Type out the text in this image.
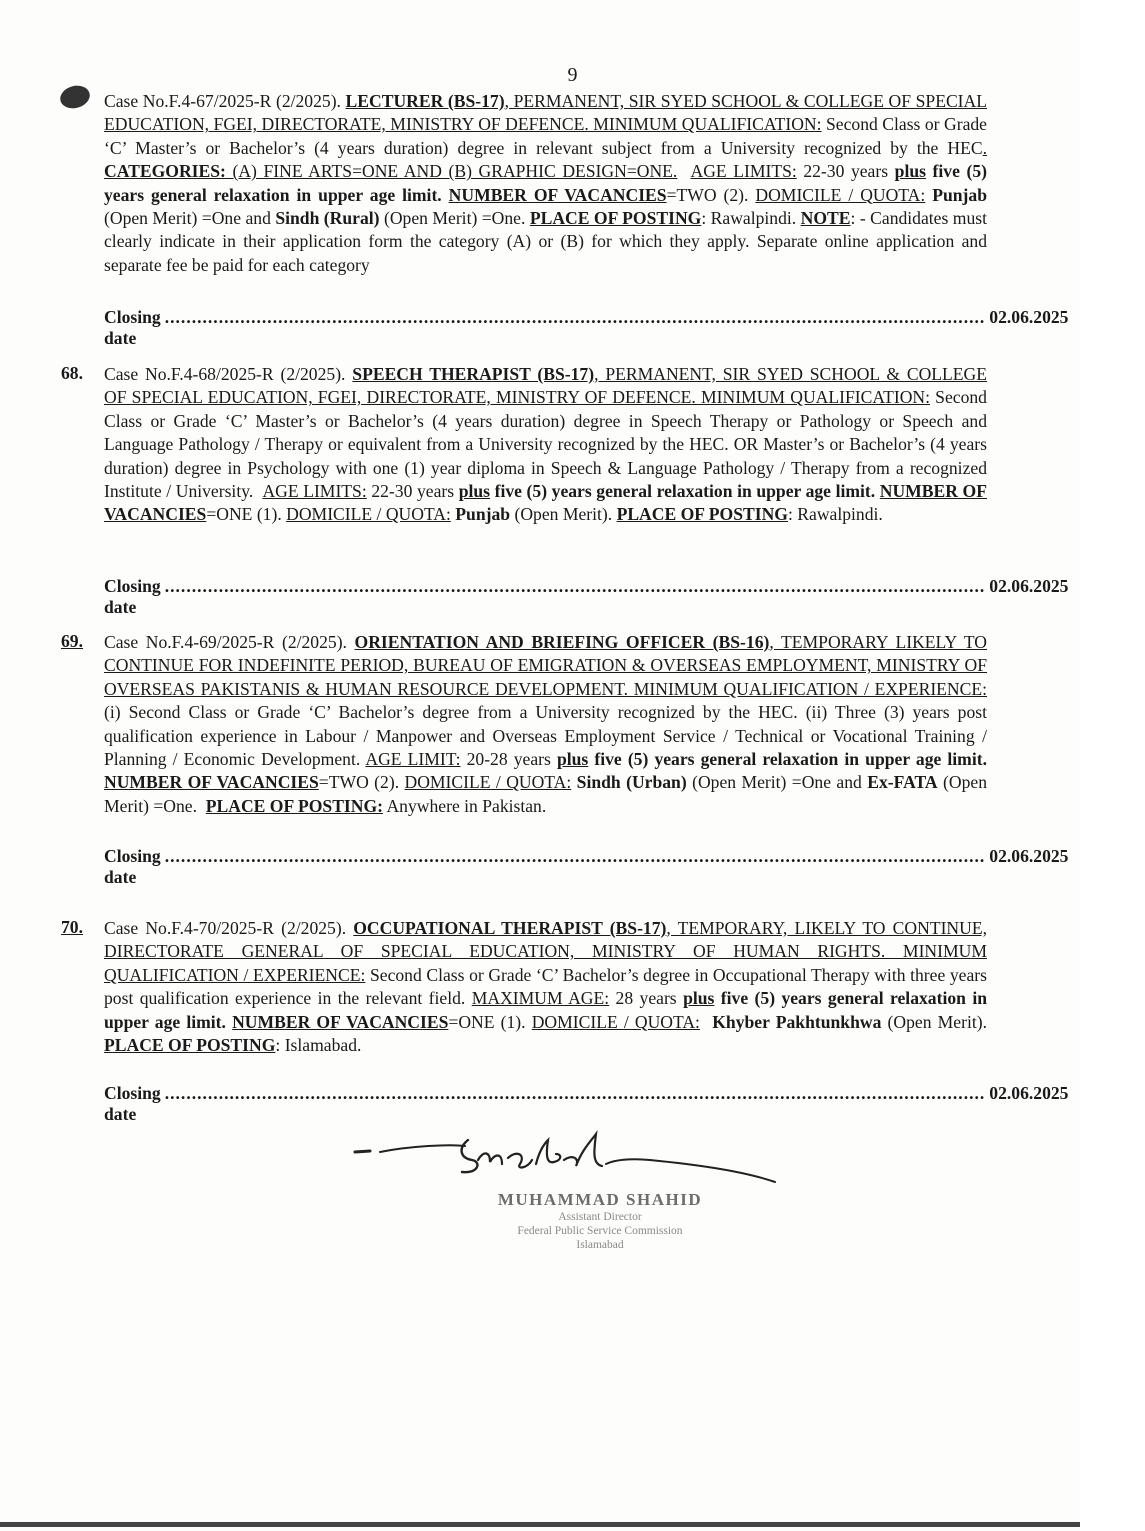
9
Case No.F.4-67/2025-R (2/2025). LECTURER (BS-17), PERMANENT, SIR SYED SCHOOL & COLLEGE OF SPECIAL EDUCATION, FGEI, DIRECTORATE, MINISTRY OF DEFENCE. MINIMUM QUALIFICATION: Second Class or Grade ‘C’ Master’s or Bachelor’s (4 years duration) degree in relevant subject from a University recognized by the HEC. CATEGORIES: (A) FINE ARTS=ONE AND (B) GRAPHIC DESIGN=ONE. AGE LIMITS: 22-30 years plus five (5) years general relaxation in upper age limit. NUMBER OF VACANCIES=TWO (2). DOMICILE / QUOTA: Punjab (Open Merit) =One and Sindh (Rural) (Open Merit) =One. PLACE OF POSTING: Rawalpindi. NOTE: - Candidates must clearly indicate in their application form the category (A) or (B) for which they apply. Separate online application and separate fee be paid for each category
Closing date
........................................................................................................................................................ 02.06.2025
68. Case No.F.4-68/2025-R (2/2025). SPEECH THERAPIST (BS-17), PERMANENT, SIR SYED SCHOOL & COLLEGE OF SPECIAL EDUCATION, FGEI, DIRECTORATE, MINISTRY OF DEFENCE. MINIMUM QUALIFICATION: Second Class or Grade ‘C’ Master’s or Bachelor’s (4 years duration) degree in Speech Therapy or Pathology or Speech and Language Pathology / Therapy or equivalent from a University recognized by the HEC. OR Master’s or Bachelor’s (4 years duration) degree in Psychology with one (1) year diploma in Speech & Language Pathology / Therapy from a recognized Institute / University.  AGE LIMITS: 22-30 years plus five (5) years general relaxation in upper age limit. NUMBER OF VACANCIES=ONE (1). DOMICILE / QUOTA: Punjab (Open Merit). PLACE OF POSTING: Rawalpindi.
Closing date
........................................................................................................................................................ 02.06.2025
69. Case No.F.4-69/2025-R (2/2025). ORIENTATION AND BRIEFING OFFICER (BS-16), TEMPORARY LIKELY TO CONTINUE FOR INDEFINITE PERIOD, BUREAU OF EMIGRATION & OVERSEAS EMPLOYMENT, MINISTRY OF OVERSEAS PAKISTANIS & HUMAN RESOURCE DEVELOPMENT. MINIMUM QUALIFICATION / EXPERIENCE: (i) Second Class or Grade ‘C’ Bachelor’s degree from a University recognized by the HEC. (ii) Three (3) years post qualification experience in Labour / Manpower and Overseas Employment Service / Technical or Vocational Training / Planning / Economic Development. AGE LIMIT: 20-28 years plus five (5) years general relaxation in upper age limit. NUMBER OF VACANCIES=TWO (2). DOMICILE / QUOTA: Sindh (Urban) (Open Merit) =One and Ex-FATA (Open Merit) =One.  PLACE OF POSTING: Anywhere in Pakistan.
Closing date
........................................................................................................................................................ 02.06.2025
70. Case No.F.4-70/2025-R (2/2025). OCCUPATIONAL THERAPIST (BS-17), TEMPORARY, LIKELY TO CONTINUE, DIRECTORATE GENERAL OF SPECIAL EDUCATION, MINISTRY OF HUMAN RIGHTS. MINIMUM QUALIFICATION / EXPERIENCE: Second Class or Grade ‘C’ Bachelor’s degree in Occupational Therapy with three years post qualification experience in the relevant field. MAXIMUM AGE: 28 years plus five (5) years general relaxation in upper age limit. NUMBER OF VACANCIES=ONE (1). DOMICILE / QUOTA: Khyber Pakhtunkhwa (Open Merit). PLACE OF POSTING: Islamabad.
Closing date
........................................................................................................................................................ 02.06.2025
MUHAMMAD SHAHID
Assistant Director
Federal Public Service Commission
Islamabad
